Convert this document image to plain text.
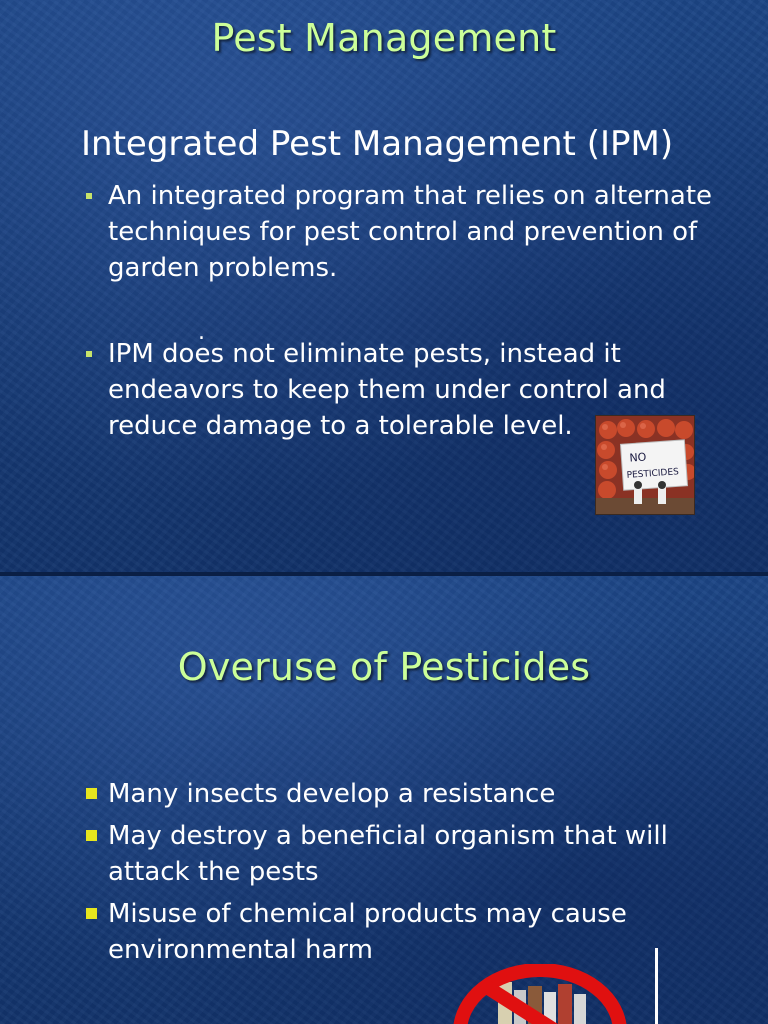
Pest Management
Integrated Pest Management (IPM)
An integrated program that relies on alternate techniques for pest control and prevention of garden problems.
IPM does not eliminate pests, instead it endeavors to keep them under control and reduce damage to a tolerable level.
.
NO
PESTICIDES
Overuse of Pesticides
Many insects develop a resistance
May destroy a beneficial organism that will attack the pests
Misuse of chemical products may cause environmental harm
